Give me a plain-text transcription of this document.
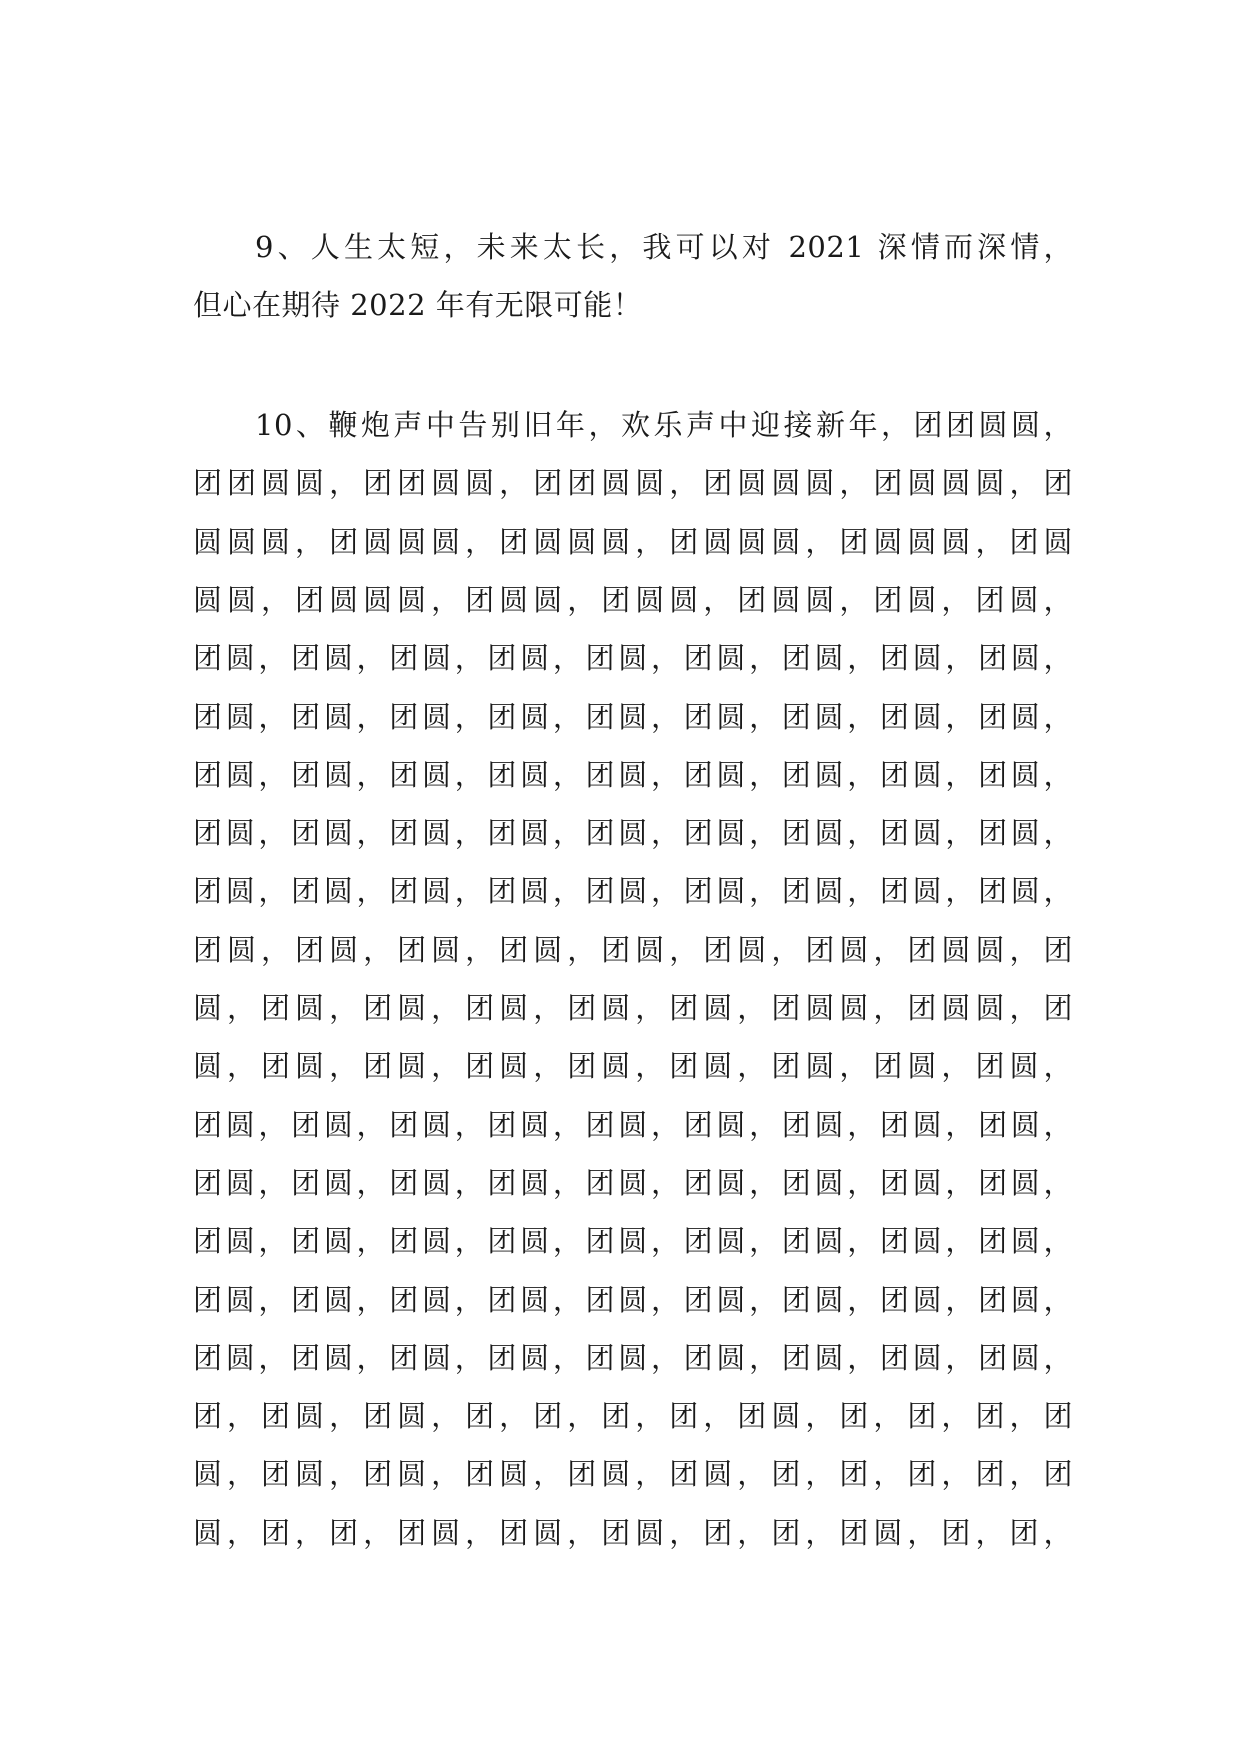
9、人生太短，未来太长，我可以对 2021 深情而深情，
但心在期待 2022 年有无限可能！
10、鞭炮声中告别旧年，欢乐声中迎接新年，团团圆圆，
团团圆圆，团团圆圆，团团圆圆，团圆圆圆，团圆圆圆，团
圆圆圆，团圆圆圆，团圆圆圆，团圆圆圆，团圆圆圆，团圆
圆圆，团圆圆圆，团圆圆，团圆圆，团圆圆，团圆，团圆，
团圆，团圆，团圆，团圆，团圆，团圆，团圆，团圆，团圆，
团圆，团圆，团圆，团圆，团圆，团圆，团圆，团圆，团圆，
团圆，团圆，团圆，团圆，团圆，团圆，团圆，团圆，团圆，
团圆，团圆，团圆，团圆，团圆，团圆，团圆，团圆，团圆，
团圆，团圆，团圆，团圆，团圆，团圆，团圆，团圆，团圆，
团圆，团圆，团圆，团圆，团圆，团圆，团圆，团圆圆，团
圆，团圆，团圆，团圆，团圆，团圆，团圆圆，团圆圆，团
圆，团圆，团圆，团圆，团圆，团圆，团圆，团圆，团圆，
团圆，团圆，团圆，团圆，团圆，团圆，团圆，团圆，团圆，
团圆，团圆，团圆，团圆，团圆，团圆，团圆，团圆，团圆，
团圆，团圆，团圆，团圆，团圆，团圆，团圆，团圆，团圆，
团圆，团圆，团圆，团圆，团圆，团圆，团圆，团圆，团圆，
团圆，团圆，团圆，团圆，团圆，团圆，团圆，团圆，团圆，
团，团圆，团圆，团，团，团，团，团圆，团，团，团，团
圆，团圆，团圆，团圆，团圆，团圆，团，团，团，团，团
圆，团，团，团圆，团圆，团圆，团，团，团圆，团，团，
